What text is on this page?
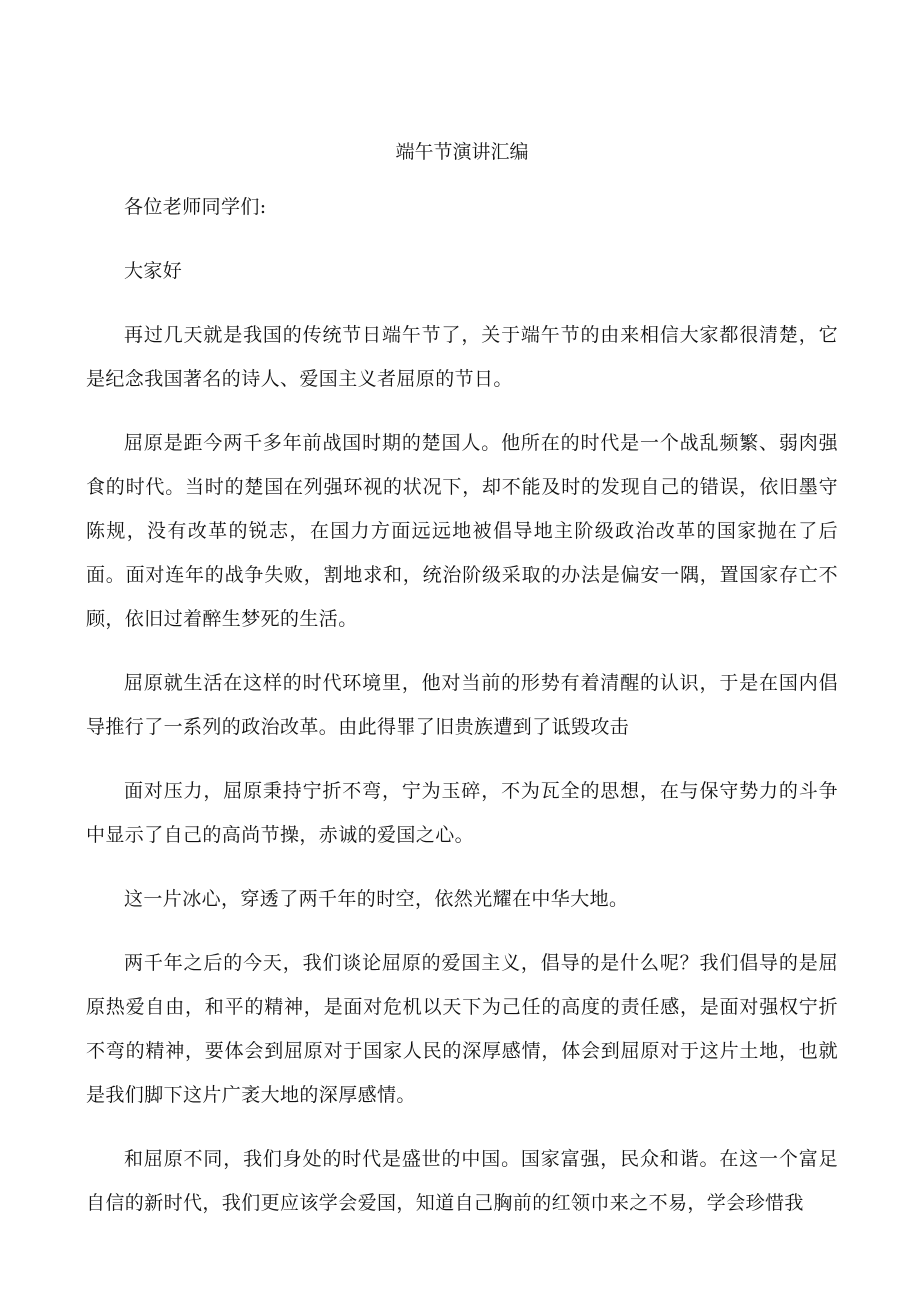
端午节演讲汇编

各位老师同学们:

大家好

再过几天就是我国的传统节日端午节了，关于端午节的由来相信大家都很清楚，它是纪念我国著名的诗人、爱国主义者屈原的节日。

屈原是距今两千多年前战国时期的楚国人。他所在的时代是一个战乱频繁、弱肉强食的时代。当时的楚国在列强环视的状况下，却不能及时的发现自己的错误，依旧墨守陈规，没有改革的锐志，在国力方面远远地被倡导地主阶级政治改革的国家抛在了后面。面对连年的战争失败，割地求和，统治阶级采取的办法是偏安一隅，置国家存亡不顾，依旧过着醉生梦死的生活。

屈原就生活在这样的时代环境里，他对当前的形势有着清醒的认识，于是在国内倡导推行了一系列的政治改革。由此得罪了旧贵族遭到了诋毁攻击

面对压力，屈原秉持宁折不弯，宁为玉碎，不为瓦全的思想，在与保守势力的斗争中显示了自己的高尚节操，赤诚的爱国之心。

这一片冰心，穿透了两千年的时空，依然光耀在中华大地。

两千年之后的今天，我们谈论屈原的爱国主义，倡导的是什么呢？我们倡导的是屈原热爱自由，和平的精神，是面对危机以天下为己任的高度的责任感，是面对强权宁折不弯的精神，要体会到屈原对于国家人民的深厚感情，体会到屈原对于这片土地，也就是我们脚下这片广袤大地的深厚感情。

和屈原不同，我们身处的时代是盛世的中国。国家富强，民众和谐。在这一个富足自信的新时代，我们更应该学会爱国，知道自己胸前的红领巾来之不易，学会珍惜我
